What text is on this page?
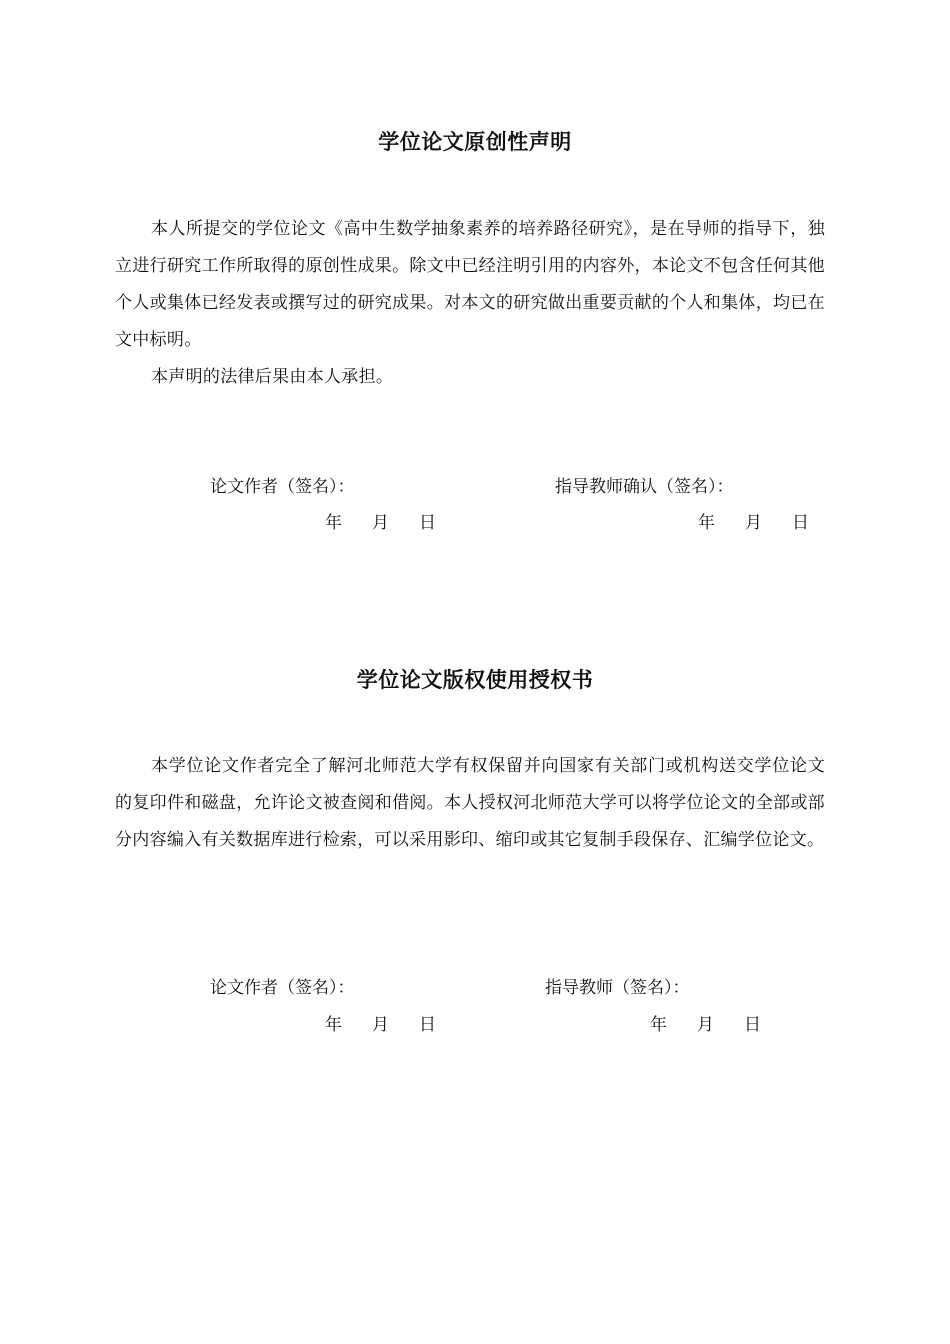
学位论文原创性声明

本人所提交的学位论文《高中生数学抽象素养的培养路径研究》，是在导师的指导下，独立进行研究工作所取得的原创性成果。除文中已经注明引用的内容外，本论文不包含任何其他个人或集体已经发表或撰写过的研究成果。对本文的研究做出重要贡献的个人和集体，均已在文中标明。

本声明的法律后果由本人承担。

论文作者（签名）：	指导教师确认（签名）：
年 月 日	年 月 日
学位论文版权使用授权书

本学位论文作者完全了解河北师范大学有权保留并向国家有关部门或机构送交学位论文的复印件和磁盘，允许论文被查阅和借阅。本人授权河北师范大学可以将学位论文的全部或部分内容编入有关数据库进行检索，可以采用影印、缩印或其它复制手段保存、汇编学位论文。

论文作者（签名）：	指导教师（签名）：
年 月 日	年 月 日
